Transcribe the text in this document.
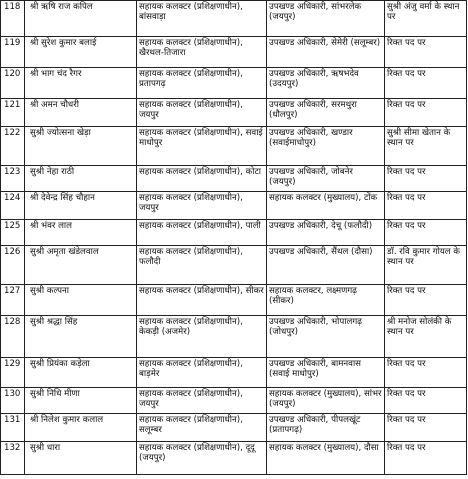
118	श्री ऋषि राज कपिल	सहायक कलक्टर (प्रशिक्षणाधीन), बांसवाड़ा	उपखण्ड अधिकारी, सांभरलेक (जयपुर)	सुश्री अंजु वर्मा के स्थान पर
119	श्री सुरेश कुमार बलाई	सहायक कलक्टर (प्रशिक्षणाधीन), खैरथल-तिजारा	उपखण्ड अधिकारी, सेमेरी (सलूम्बर)	रिक्त पद पर
120	श्री भाग चंद रैगर	सहायक कलक्टर (प्रशिक्षणाधीन), प्रतापगढ़	उपखण्ड अधिकारी, ऋषभदेव (उदयपुर)	रिक्त पद पर
121	श्री अमन चौधरी	सहायक कलक्टर (प्रशिक्षणाधीन), जयपुर	उपखण्ड अधिकारी, सरमथुरा (धौलपुर)	रिक्त पद पर
122	सुश्री ज्योत्सना खेड़ा	सहायक कलक्टर (प्रशिक्षणाधीन), सवाई माधोपुर	उपखण्ड अधिकारी, खण्डार (सवाईमाधोपुर)	सुश्री सीमा खेतान के स्थान पर
123	सुश्री नेहा राठी	सहायक कलक्टर (प्रशिक्षणाधीन), कोटा	उपखण्ड अधिकारी, जोबनेर (जयपुर)	रिक्त पद पर
124	श्री देवेन्द्र सिंह चौहान	सहायक कलक्टर (प्रशिक्षणाधीन), जयपुर	सहायक कलक्टर (मुख्यालय), टोंक	रिक्त पद पर
125	श्री भंवर लाल	सहायक कलक्टर (प्रशिक्षणाधीन), पाली	उपखण्ड अधिकारी, देचू (फलौदी)	रिक्त पद पर
126	सुश्री अमृता खंडेलवाल	सहायक कलक्टर (प्रशिक्षणाधीन), फलौदी	उपखण्ड अधिकारी, सैंथल (दौसा)	डॉ. रवि कुमार गोयल के स्थान पर
127	सुश्री कल्पना	सहायक कलक्टर (प्रशिक्षणाधीन), सीकर	सहायक कलक्टर, लक्ष्मणगढ़ (सीकर)	रिक्त पद पर
128	सुश्री श्रद्धा सिंह	सहायक कलक्टर (प्रशिक्षणाधीन), केकड़ी (अजमेर)	उपखण्ड अधिकारी, भोपालगढ़ (जोधपुर)	श्री मनोज सोलंकी के स्थान पर
129	सुश्री प्रियंका कड़ेला	सहायक कलक्टर (प्रशिक्षणाधीन), बाड़मेर	उपखण्ड अधिकारी, बामनवास (सवाई माधोपुर)	रिक्त पद पर
130	सुश्री निधि मीणा	सहायक कलक्टर (प्रशिक्षणाधीन), जयपुर	सहायक कलक्टर (मुख्यालय), सांभर (जयपुर)	रिक्त पद पर
131	श्री निलेश कुमार कलाल	सहायक कलक्टर (प्रशिक्षणाधीन), सलूम्बर	उपखण्ड अधिकारी, पीपलखूंट (प्रतापगढ़)	रिक्त पद पर
132	सुश्री धारा	सहायक कलक्टर (प्रशिक्षणाधीन), दूदू (जयपुर)	सहायक कलक्टर (मुख्यालय), दौसा	रिक्त पद पर
